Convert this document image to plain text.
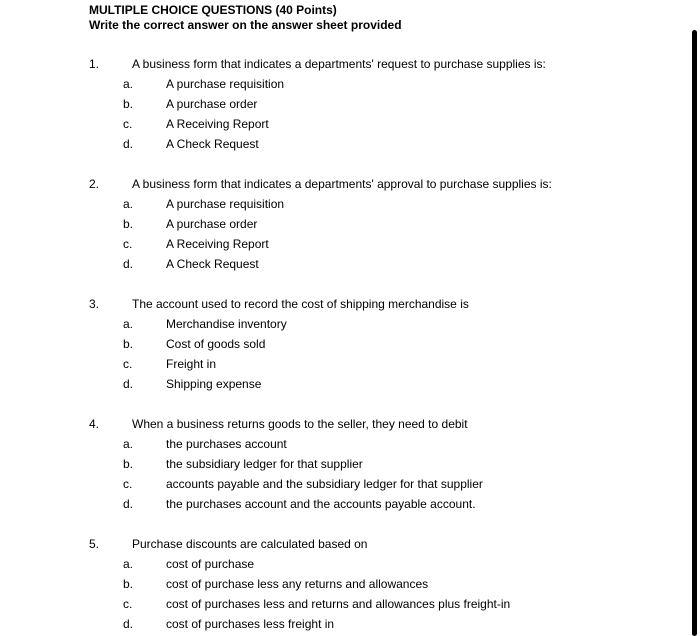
MULTIPLE CHOICE QUESTIONS (40 Points)
Write the correct answer on the answer sheet provided
1.	A business form that indicates a departments' request to purchase supplies is:
a.	A purchase requisition
b.	A purchase order
c.	A Receiving Report
d.	A Check Request
2.	A business form that indicates a departments' approval to purchase supplies is:
a.	A purchase requisition
b.	A purchase order
c.	A Receiving Report
d.	A Check Request
3.	The account used to record the cost of shipping merchandise is
a.	Merchandise inventory
b.	Cost of goods sold
c.	Freight in
d.	Shipping expense
4.	When a business returns goods to the seller, they need to debit
a.	the purchases account
b.	the subsidiary ledger for that supplier
c.	accounts payable and the subsidiary ledger for that supplier
d.	the purchases account and the accounts payable account.
5.	Purchase discounts are calculated based on
a.	cost of purchase
b.	cost of purchase less any returns and allowances
c.	cost of purchases less and returns and allowances plus freight-in
d.	cost of purchases less freight in
